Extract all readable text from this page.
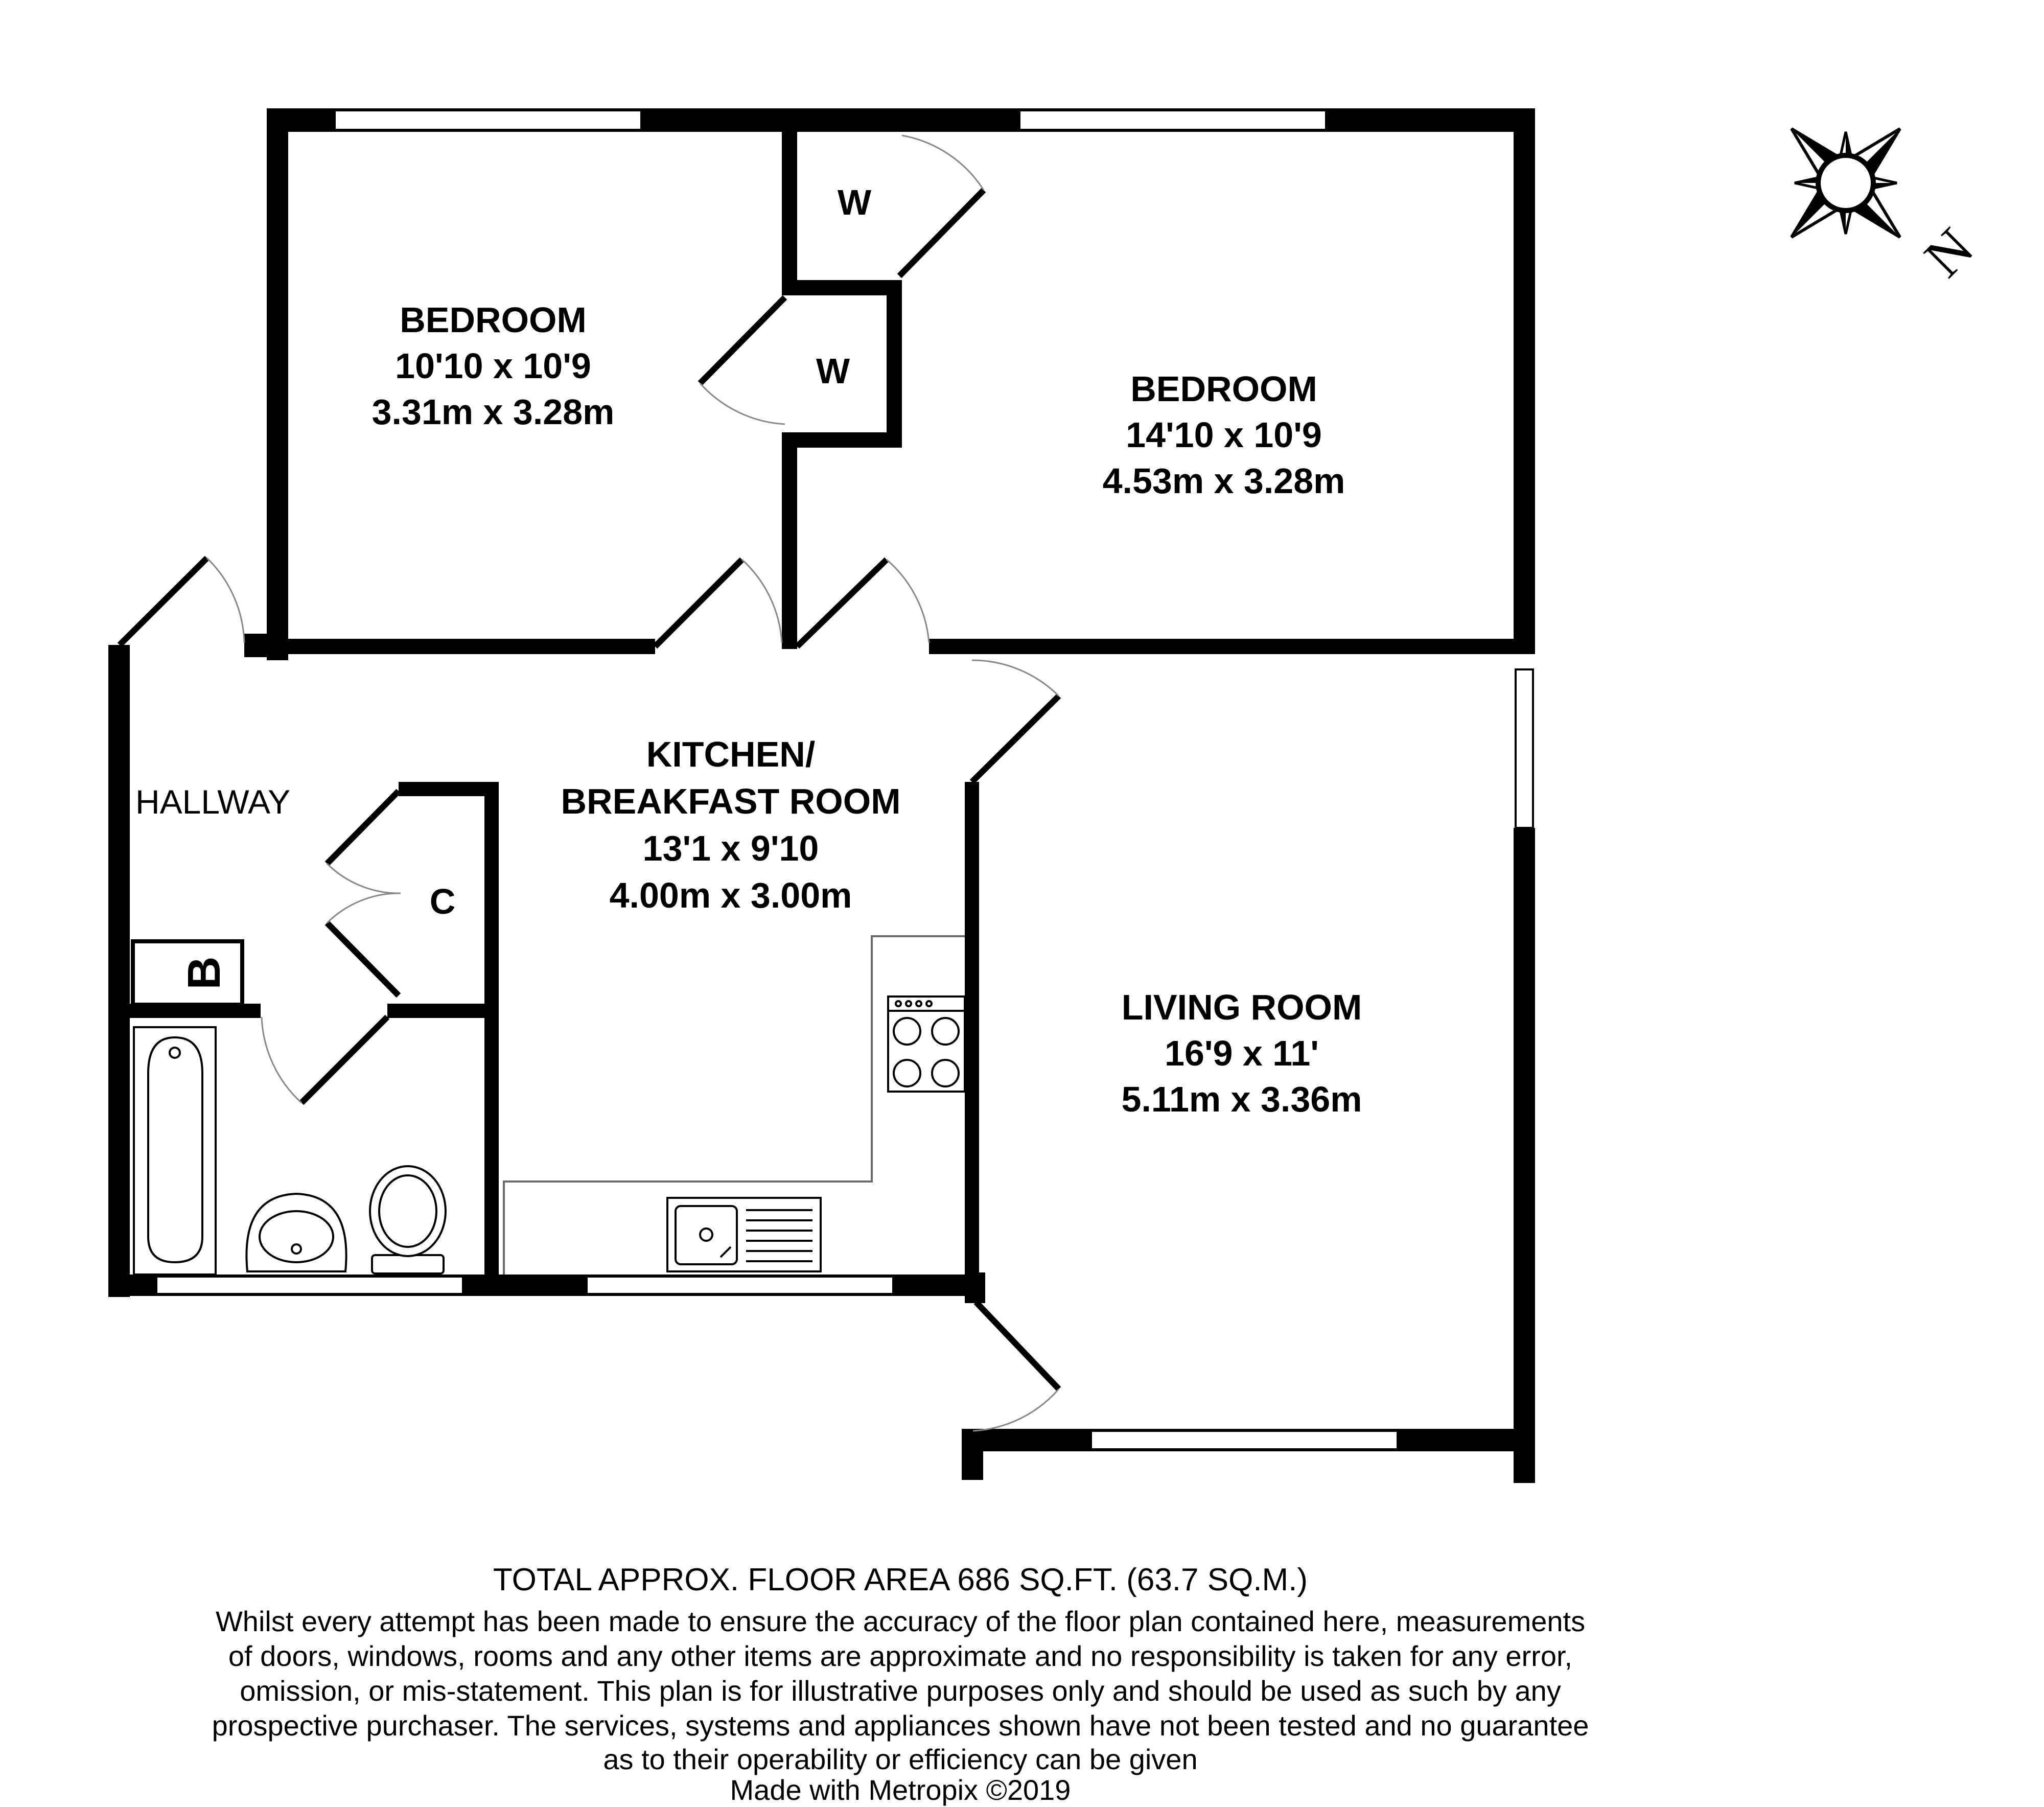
BEDROOM
10'10 x 10'9
3.31m x 3.28m
BEDROOM
14'10 x 10'9
4.53m x 3.28m
KITCHEN/
BREAKFAST ROOM
13'1 x 9'10
4.00m x 3.00m
LIVING ROOM
16'9 x 11'
5.11m x 3.36m
HALLWAY
W
W
C
B
N
TOTAL APPROX. FLOOR AREA 686 SQ.FT. (63.7 SQ.M.)
Whilst every attempt has been made to ensure the accuracy of the floor plan contained here, measurements
of doors, windows, rooms and any other items are approximate and no responsibility is taken for any error,
omission, or mis-statement. This plan is for illustrative purposes only and should be used as such by any
prospective purchaser. The services, systems and appliances shown have not been tested and no guarantee
as to their operability or efficiency can be given
Made with Metropix ©2019
